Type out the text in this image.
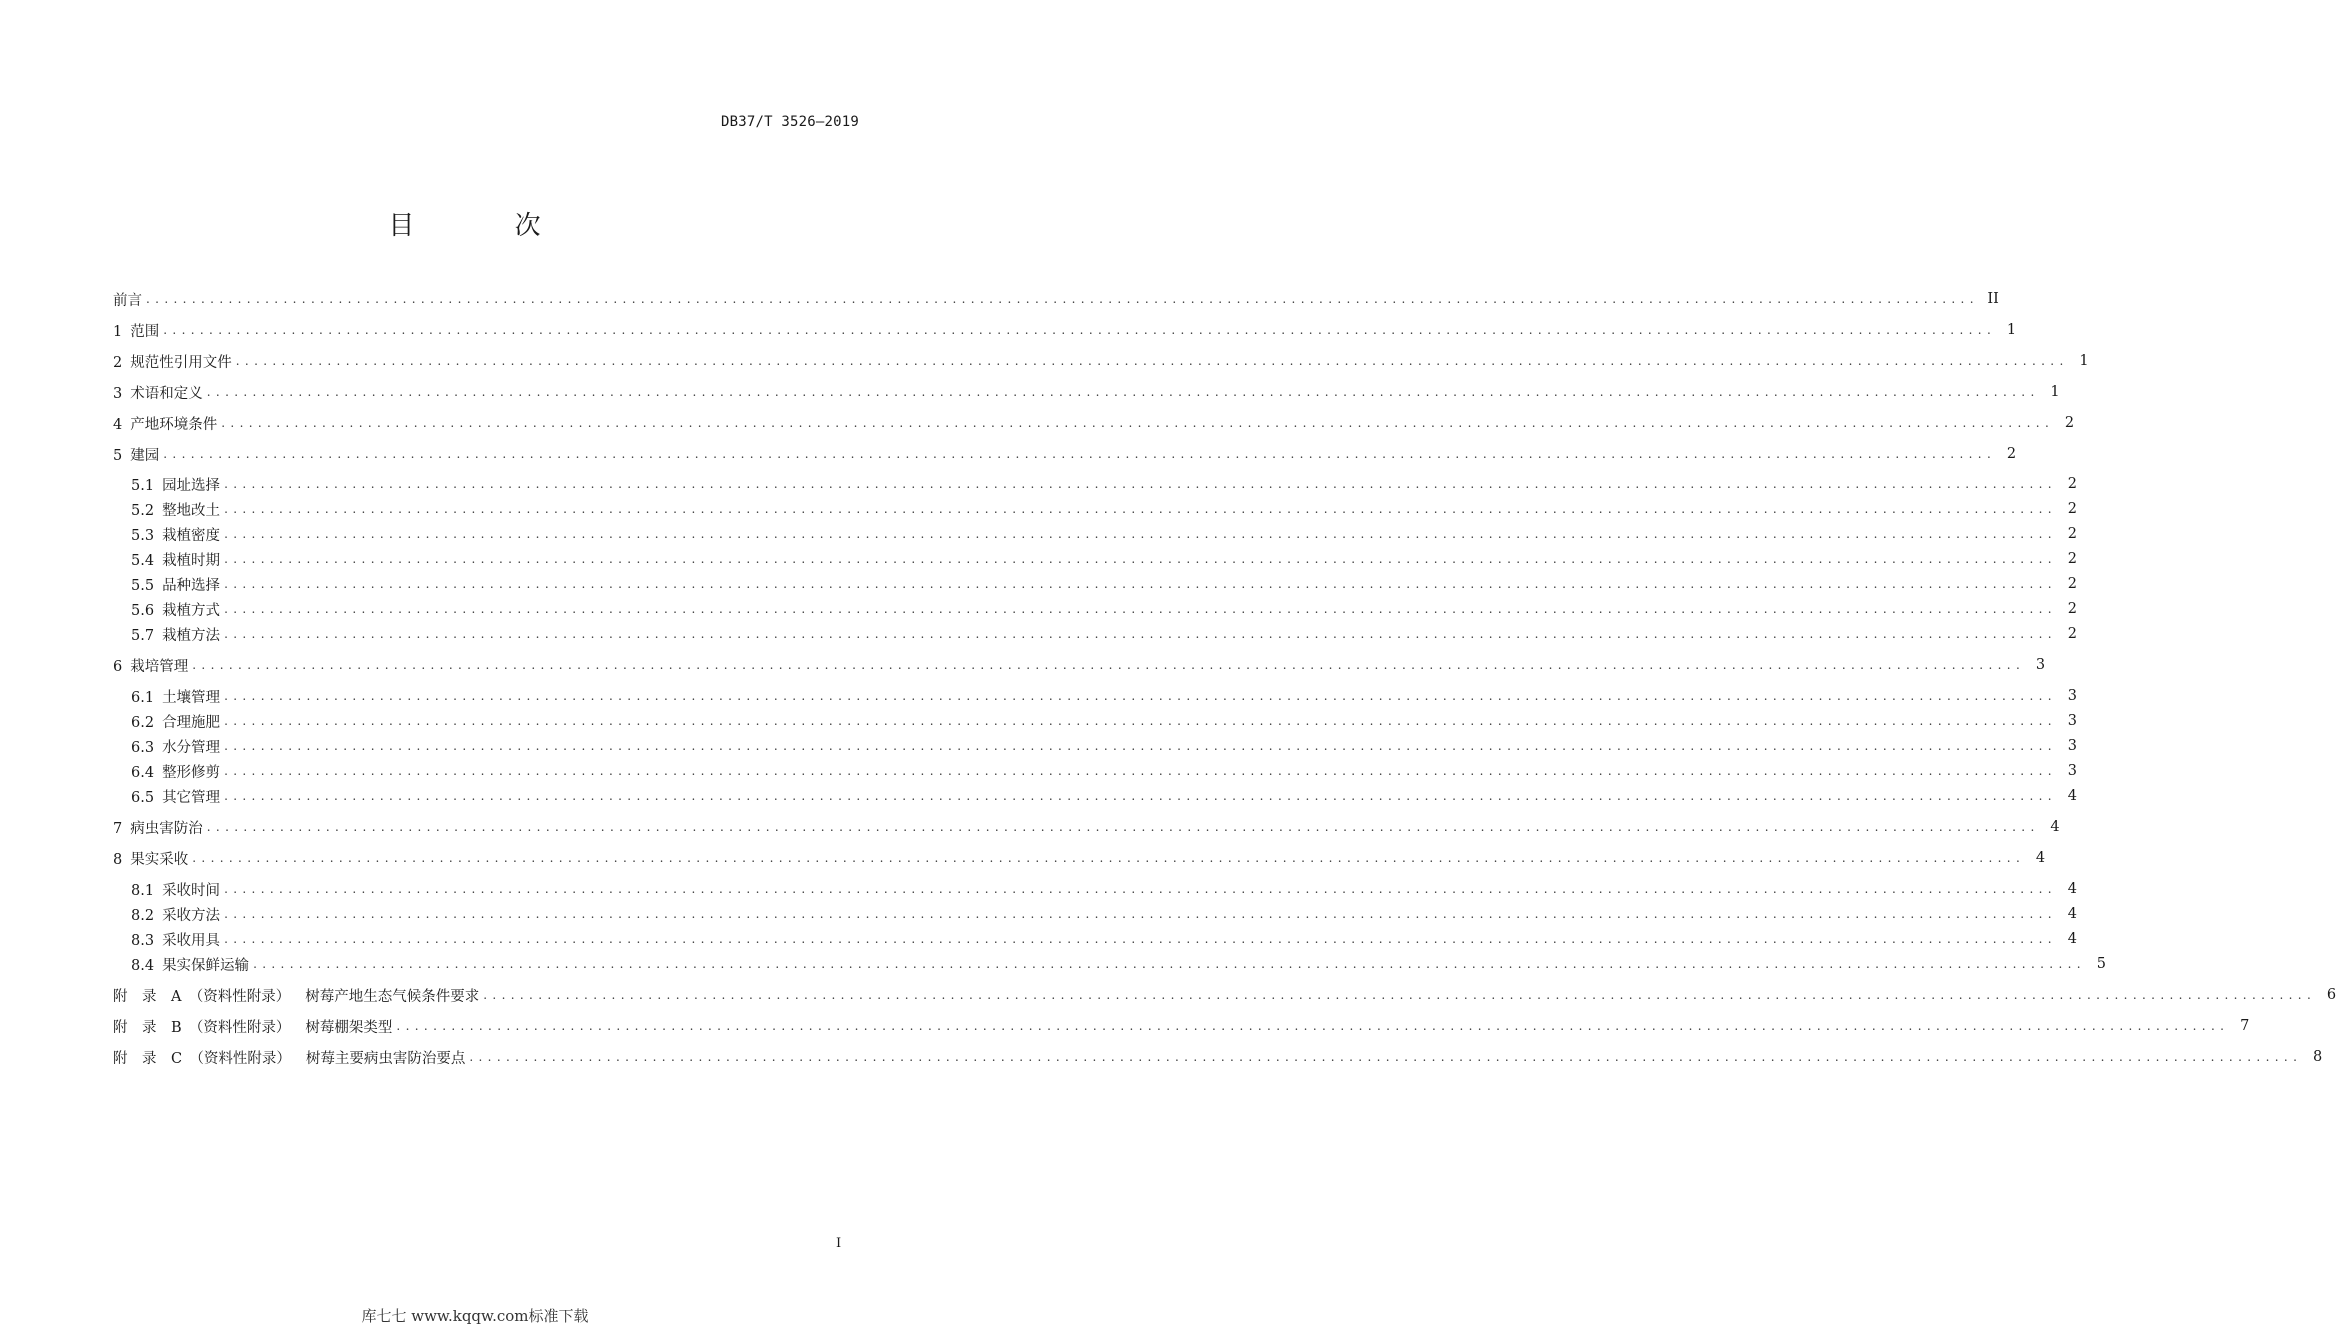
DB37/T 3526—2019
目 次
前言 ........................................................................................................................................................................................................ II
1 范围 ........................................................................................................................................................................................................ 1
2 规范性引用文件 ........................................................................................................................................................................................................ 1
3 术语和定义 ........................................................................................................................................................................................................ 1
4 产地环境条件 ........................................................................................................................................................................................................ 2
5 建园 ........................................................................................................................................................................................................ 2
5.1 园址选择 ........................................................................................................................................................................................................ 2
5.2 整地改土 ........................................................................................................................................................................................................ 2
5.3 栽植密度 ........................................................................................................................................................................................................ 2
5.4 栽植时期 ........................................................................................................................................................................................................ 2
5.5 品种选择 ........................................................................................................................................................................................................ 2
5.6 栽植方式 ........................................................................................................................................................................................................ 2
5.7 栽植方法 ........................................................................................................................................................................................................ 2
6 栽培管理 ........................................................................................................................................................................................................ 3
6.1 土壤管理 ........................................................................................................................................................................................................ 3
6.2 合理施肥 ........................................................................................................................................................................................................ 3
6.3 水分管理 ........................................................................................................................................................................................................ 3
6.4 整形修剪 ........................................................................................................................................................................................................ 3
6.5 其它管理 ........................................................................................................................................................................................................ 4
7 病虫害防治 ........................................................................................................................................................................................................ 4
8 果实采收 ........................................................................................................................................................................................................ 4
8.1 采收时间 ........................................................................................................................................................................................................ 4
8.2 采收方法 ........................................................................................................................................................................................................ 4
8.3 采收用具 ........................................................................................................................................................................................................ 4
8.4 果实保鲜运输 ........................................................................................................................................................................................................ 5
附　录　A　（资料性附录） 树莓产地生态气候条件要求 ........................................................................................................................................................................................................ 6
附　录　B　（资料性附录） 树莓棚架类型 ........................................................................................................................................................................................................ 7
附　录　C　（资料性附录） 树莓主要病虫害防治要点 ........................................................................................................................................................................................................ 8
I
库七七 www.kqqw.com标准下载
